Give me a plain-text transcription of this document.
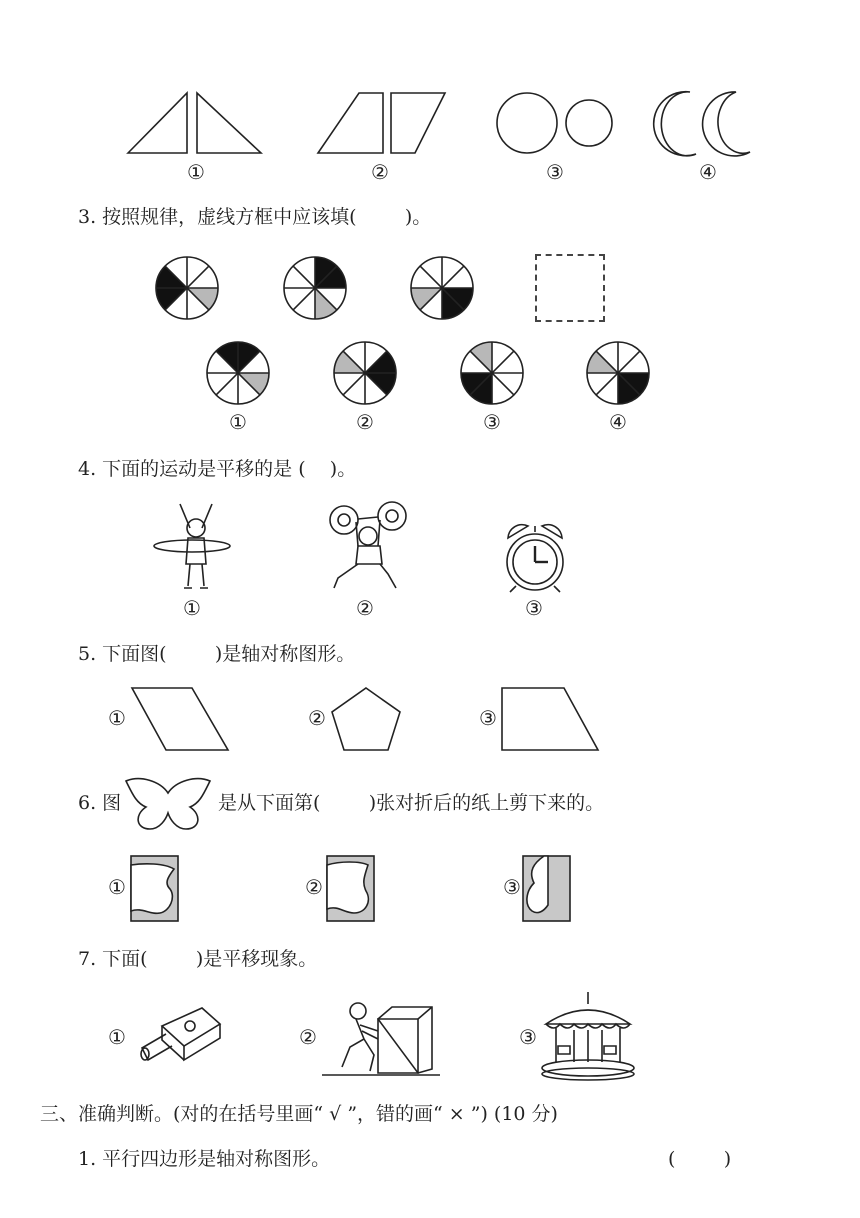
①	②	③	④
3. 按照规律，虚线方框中应该填(        )。
①	②	③	④
4. 下面的运动是平移的是 (    )。
①	②	③
5. 下面图(        )是轴对称图形。
①	②	③
6. 图	是从下面第(        )张对折后的纸上剪下来的。
①	②	③
7. 下面(        )是平移现象。
①	②	③
三、准确判断。(对的在括号里画“ √ ”，错的画“ × ”) (10 分)
1. 平行四边形是轴对称图形。	(        )
